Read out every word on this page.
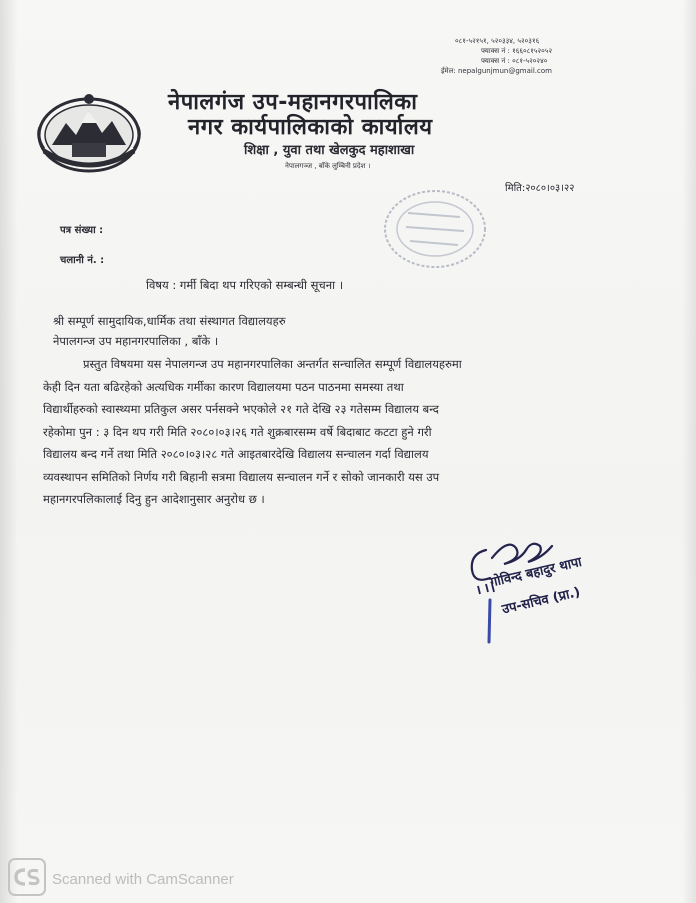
०८१-५२१५१, ५२०३३४, ५२०३१६
फ्याक्स नं : १६६०८१५२०५२
फ्याक्स नं : ०८१-५२०२४०
ईमेल: nepalgunjmun@gmail.com
नेपालगंज उप-महानगरपालिका
नगर कार्यपालिकाको कार्यालय
शिक्षा , युवा तथा खेलकुद महाशाखा
नेपालगञ्ज , बाँके लुम्बिनी प्रदेश ।
मिति:२०८०।०३।२२
पत्र संख्या :
चलानी नं. :
विषय : गर्मी बिदा थप गरिएको सम्बन्धी सूचना ।
श्री सम्पूर्ण सामुदायिक,धार्मिक तथा संस्थागत विद्यालयहरु
नेपालगन्ज उप महानगरपालिका , बाँके ।
प्रस्तुत विषयमा यस नेपालगन्ज उप महानगरपालिका अन्तर्गत सन्चालित सम्पूर्ण विद्यालयहरुमा
केही दिन यता बढिरहेको अत्यधिक गर्मीका कारण विद्यालयमा पठन पाठनमा समस्या तथा
विद्यार्थीहरुको स्वास्थ्यमा प्रतिकुल असर पर्नसक्ने भएकोले २१ गते देखि २३ गतेसम्म विद्यालय बन्द
रहेकोमा पुन : ३ दिन थप गरी मिति २०८०।०३।२६ गते शुक्रबारसम्म वर्षे बिदाबाट कटटा हुने गरी
विद्यालय बन्द गर्ने तथा मिति २०८०।०३।२८ गते आइतबारदेखि विद्यालय सन्चालन गर्दा विद्यालय
व्यवस्थापन समितिको निर्णय गरी बिहानी सत्रमा विद्यालय सन्चालन गर्ने र सोको जानकारी यस उप
महानगरपलिकालाई दिनु हुन आदेशानुसार अनुरोध छ ।
गोविन्द बहादुर थापा
उप-सचिव (प्रा.)
Scanned with CamScanner
